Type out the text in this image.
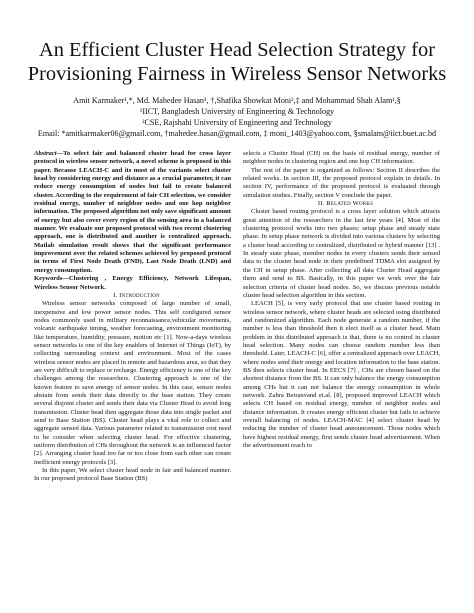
An Efficient Cluster Head Selection Strategy for
Provisioning Fairness in Wireless Sensor Networks
Amit Karmaker¹,*, Md. Mahedee Hasan¹, †,Shafika Showkat Moni²,‡ and Mohammad Shah Alam¹,§
¹IICT, Bangladesh University of Engineering & Technology
²CSE, Rajshahi University of Engineering and Technology
Email: *amitkarmaker06@gmail.com, †mahedee.hasan@gmail.com, ‡ moni_1403@yahoo.com, §smalam@iict.buet.ac.bd

Abstract—To select fair and balanced cluster head for cross layer protocol in wireless sensor network, a novel scheme is proposed in this paper. Because LEACH-C and its most of the variants select cluster head by considering energy and distance as a crucial parameter, it can reduce energy consumption of nodes but fail to create balanced cluster. According to the requirement of fair CH selection, we consider residual energy, number of neighbor nodes and one hop neighbor information. The proposed algorithm not only save significant amount of energy but also cover every region of the sensing area in a balanced manner. We evaluate our proposed protocol with two recent clustering approach, one is distributed and another is centralized approach. Matlab simulation result shows that the significant performance improvement over the related schemes achieved by proposed protocol in terms of First Node Death (FND), Last Node Death (LND) and energy consumption.

Keywords—Clustering , Energy Efficiency, Network Lifespan, Wireless Sensor Network.

I. Introduction

Wireless sensor networks composed of large number of small, inexpensive and low power sensor nodes. This self configured sensor nodes commonly used in military reconnaissance,vehicular movements, volcanic earthquake timing, weather forecasting, environment monitoring like temperature, humidity, pressure, motion etc [1]. Now-a-days wireless sensor networks is one of the key enablers of Internet of Things (IoT), by collecting surrounding context and environment. Most of the cases wireless sensor nodes are placed in remote and hazardous area, so that they are very difficult to replace or recharge. Energy efficiency is one of the key challenges among the researchers. Clustering approach is one of the known feature to save energy of sensor nodes. In this case, sensor nodes abstain from sends their data directly to the base station. They create several disjoint cluster and sends their data via Cluster Head to avoid long transmission. Cluster head then aggregate those data into single packet and send to Base Station (BS). Cluster head plays a vital role to collect and aggregate sensed data. Various parameter related to transmission cost need to be consider when selecting cluster head. For effective clustering, uniform distribution of CHs throughout the network is an influenced factor [2]. Arranging cluster head too far or too close from each other can create inefficient energy protocols [3].

In this paper, We select cluster head node in fair and balanced manner. In our proposed protocol Base Station (BS)

selects a Cluster Head (CH) on the basis of residual energy, number of neighbor nodes in clustering region and one hop CH information.

The rest of the paper is organized as follows: Section II describes the related works. In section III, the proposed protocol explain in details. In section IV, performance of the proposed protocol is evaluated through simulation studies. Finally, section V conclude the paper.

II. Related Works

Cluster based routing protocol is a cross layer solution which attracts great attention of the researchers in the last few years [4]. Most of the clustering protocol works into two phases: setup phase and steady state phase. In setup phase network is divided into various clusters by selecting a cluster head according to centralized, distributed or hybrid manner [13] . In steady state phase, member nodes in every clusters sends their sensed data to the cluster head node in their predefined TDMA slot assigned by the CH in setup phase. After collecting all data Cluster Head aggregate them and send to BS. Basically, in this paper we work over the fair selection criteria of cluster head nodes. So, we discuss previous notable cluster head selection algorithm in this section.

LEACH [5], is very early protocol that use cluster based routing in wireless sensor network, where cluster heads are selected using distributed and randomized algorithm. Each node generate a random number, if the number is less than threshold then it elect itself as a cluster head. Main problem in this distributed approach is that, there is no control in cluster head selection. Many nodes can choose random number less than threshold. Later, LEACH-C [6], offer a centralized approach over LEACH, where nodes send their energy and location information to the base station. BS then selects cluster head. In EECS [7] , CHs are chosen based on the shortest distance from the BS. It can only balance the energy consumption among CHs but it can not balance the energy consumption in whole network. Zahra Beiranvand et.al. [8], proposed improved LEACH which selects CH based on residual energy, number of neighbor nodes and distance information. It creates energy efficient cluster but fails to achieve overall balancing of nodes. LEACH-MAC [4] select cluster head by reducing the number of cluster head announcement. Those nodes which have highest residual energy, first sends cluster head advertisement. When the advertisement reach to
